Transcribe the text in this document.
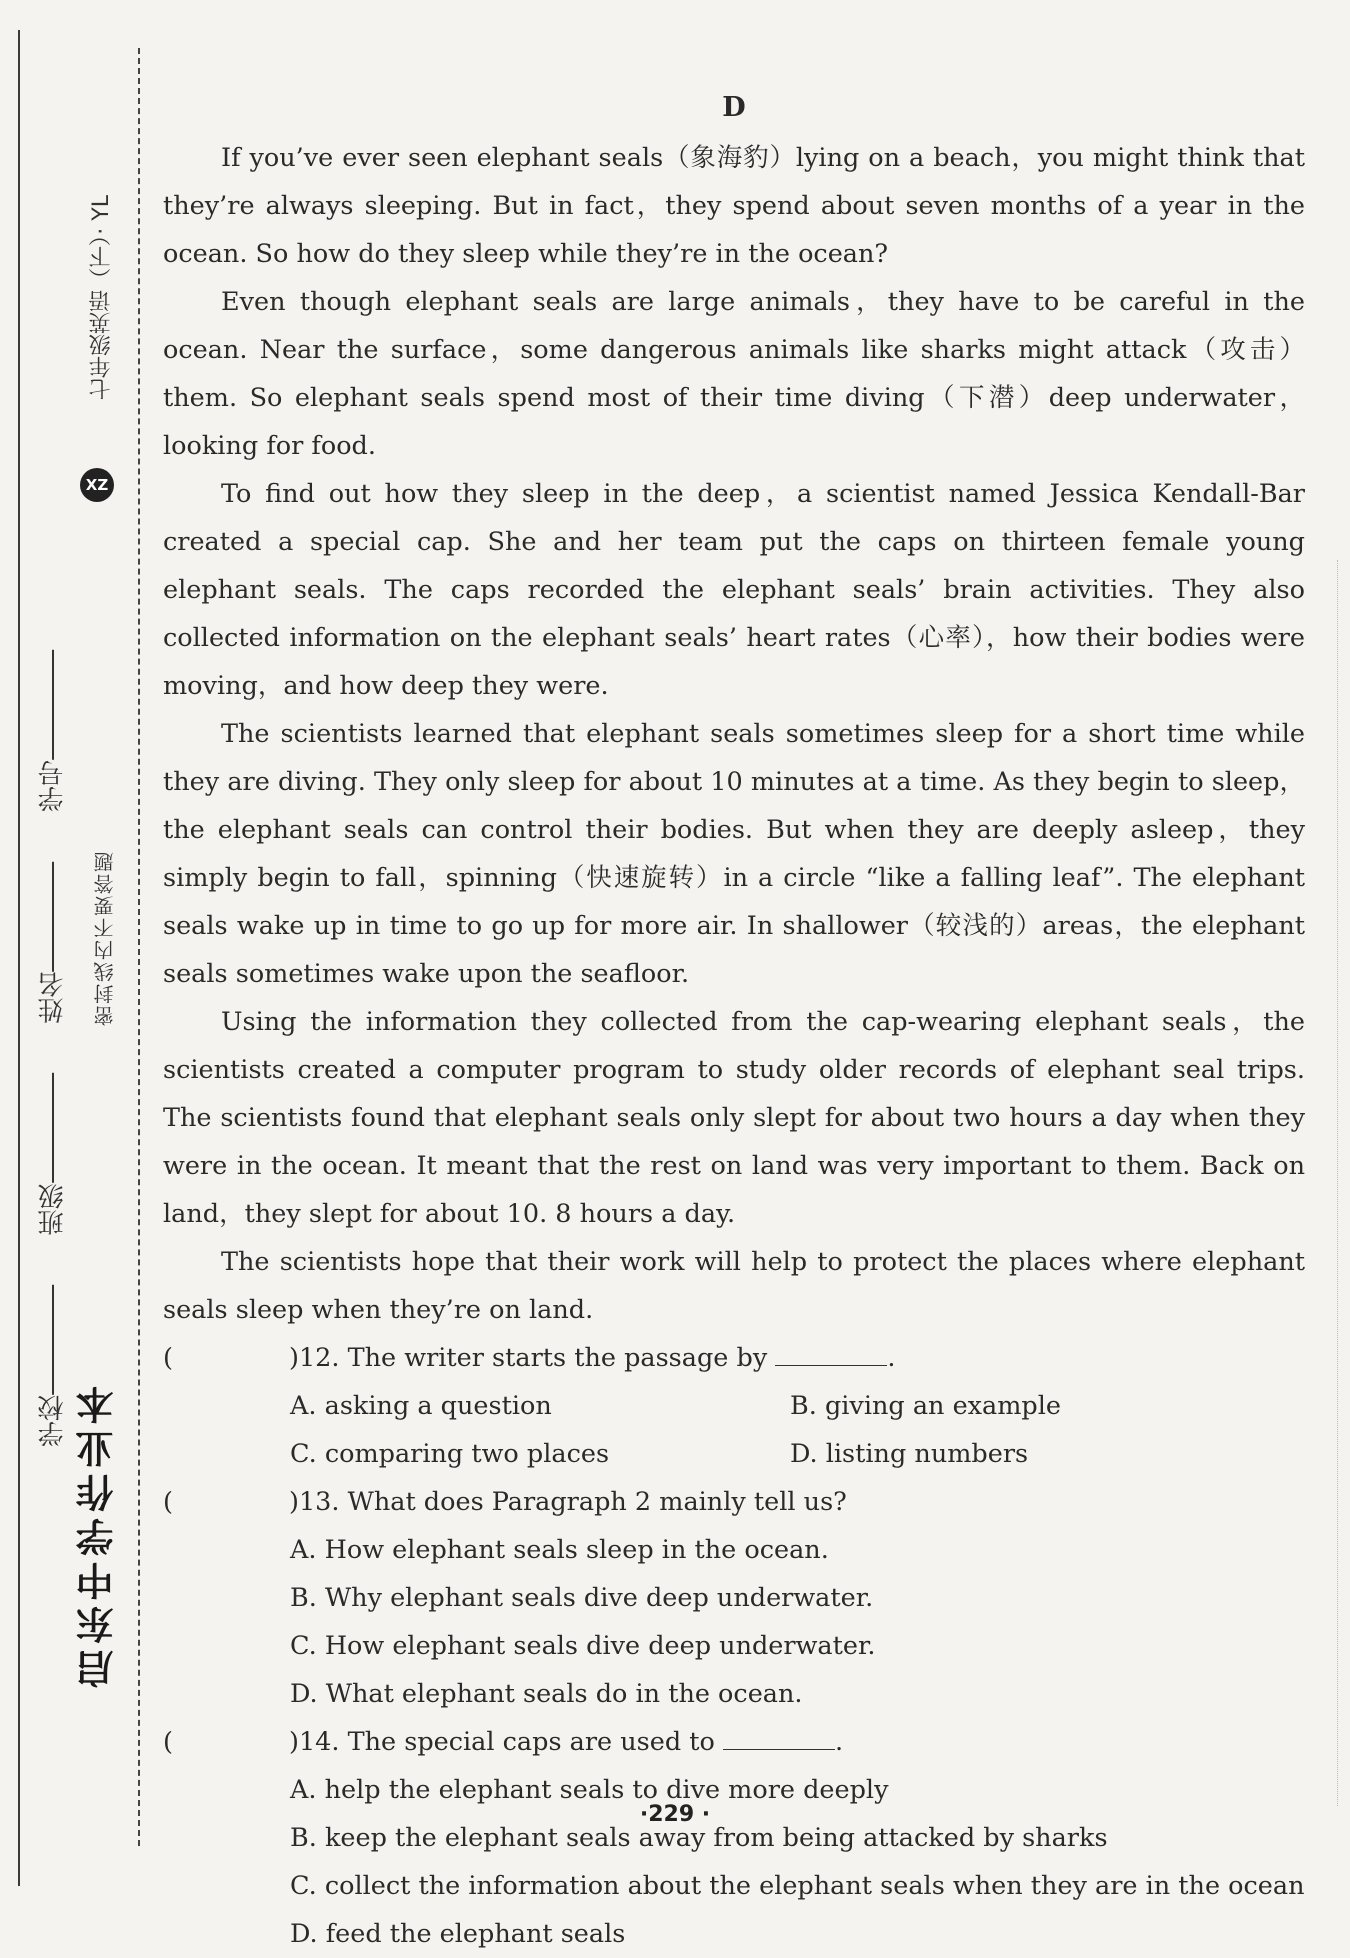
启东中学作业本
学校      班级      姓名      学号
密封线内不要答题
XZ
七年级英语（下）· YL
D

If you’ve ever seen elephant seals（象海豹）lying on a beach，you might think that they’re always sleeping. But in fact，they spend about seven months of a year in the ocean. So how do they sleep while they’re in the ocean?

Even though elephant seals are large animals，they have to be careful in the ocean. Near the surface，some dangerous animals like sharks might attack（攻击）them. So elephant seals spend most of their time diving（下潜）deep underwater，looking for food.

To find out how they sleep in the deep，a scientist named Jessica Kendall-Bar created a special cap. She and her team put the caps on thirteen female young elephant seals. The caps recorded the elephant seals’ brain activities. They also collected information on the elephant seals’ heart rates（心率），how their bodies were moving，and how deep they were.

The scientists learned that elephant seals sometimes sleep for a short time while they are diving. They only sleep for about 10 minutes at a time. As they begin to sleep，the elephant seals can control their bodies. But when they are deeply asleep，they simply begin to fall，spinning（快速旋转）in a circle “like a falling leaf”. The elephant seals wake up in time to go up for more air. In shallower（较浅的）areas，the elephant seals sometimes wake upon the seafloor.

Using the information they collected from the cap-wearing elephant seals，the scientists created a computer program to study older records of elephant seal trips. The scientists found that elephant seals only slept for about two hours a day when they were in the ocean. It meant that the rest on land was very important to them. Back on land，they slept for about 10. 8 hours a day.

The scientists hope that their work will help to protect the places where elephant seals sleep when they’re on land.

(	)12. The writer starts the passage by	.

A. asking a question	B. giving an example
C. comparing two places	D. listing numbers

(	)13. What does Paragraph 2 mainly tell us?

A. How elephant seals sleep in the ocean.
B. Why elephant seals dive deep underwater.
C. How elephant seals dive deep underwater.
D. What elephant seals do in the ocean.

(	)14. The special caps are used to	.

A. help the elephant seals to dive more deeply
B. keep the elephant seals away from being attacked by sharks
C. collect the information about the elephant seals when they are in the ocean
D. feed the elephant seals
·229 ·
